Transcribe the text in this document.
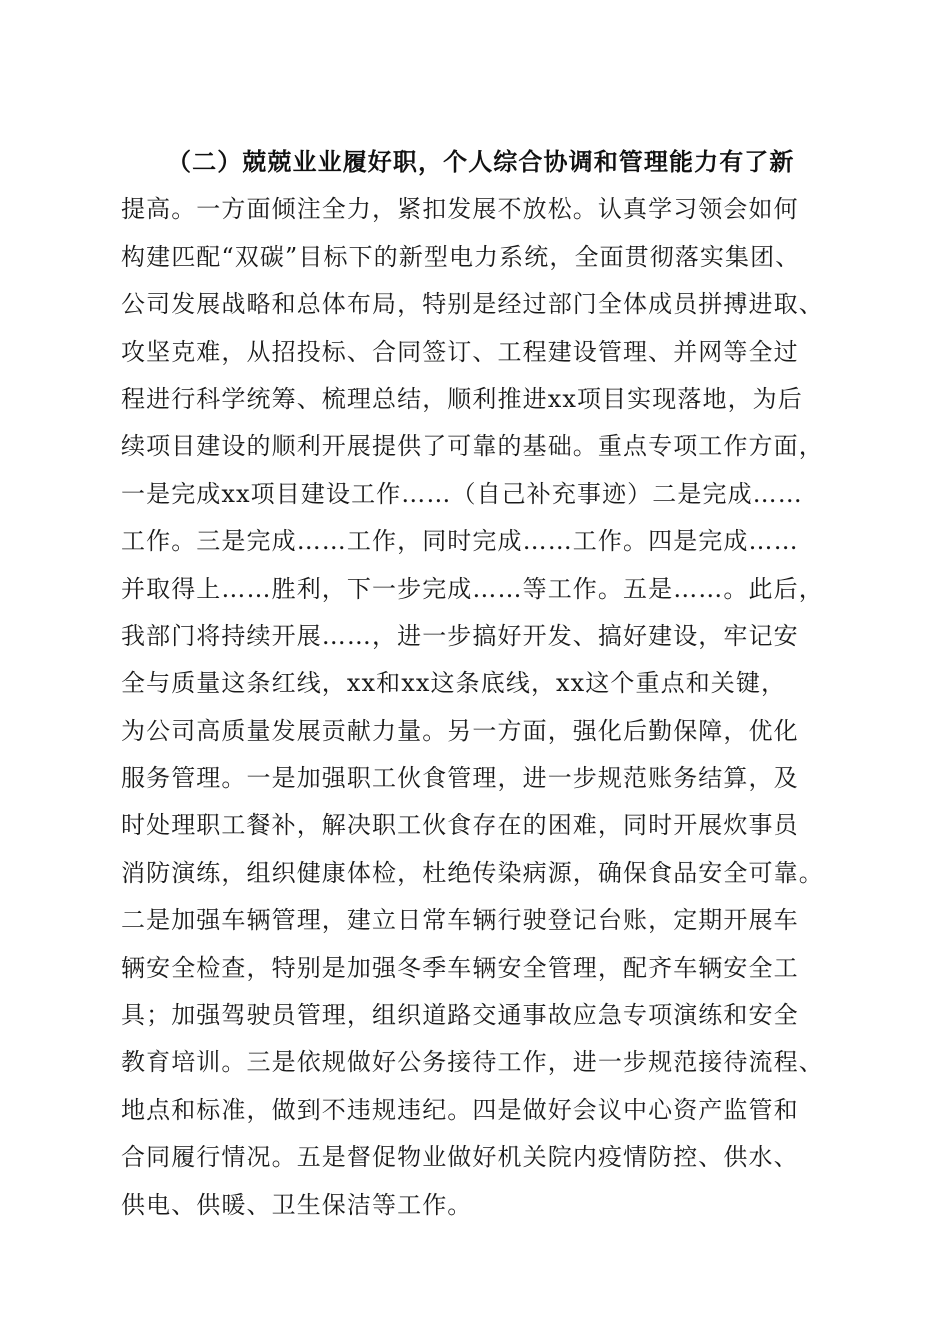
（二）兢兢业业履好职，个人综合协调和管理能力有了新
提高。一方面倾注全力，紧扣发展不放松。认真学习领会如何
构建匹配“双碳”目标下的新型电力系统，全面贯彻落实集团、
公司发展战略和总体布局，特别是经过部门全体成员拼搏进取、
攻坚克难，从招投标、合同签订、工程建设管理、并网等全过
程进行科学统筹、梳理总结，顺利推进xx项目实现落地，为后
续项目建设的顺利开展提供了可靠的基础。重点专项工作方面，
一是完成xx项目建设工作……（自己补充事迹）二是完成……
工作。三是完成……工作，同时完成……工作。四是完成……
并取得上……胜利，下一步完成……等工作。五是……。此后，
我部门将持续开展……，进一步搞好开发、搞好建设，牢记安
全与质量这条红线，xx和xx这条底线，xx这个重点和关键，
为公司高质量发展贡献力量。另一方面，强化后勤保障，优化
服务管理。一是加强职工伙食管理，进一步规范账务结算，及
时处理职工餐补，解决职工伙食存在的困难，同时开展炊事员
消防演练，组织健康体检，杜绝传染病源，确保食品安全可靠。
二是加强车辆管理，建立日常车辆行驶登记台账，定期开展车
辆安全检查，特别是加强冬季车辆安全管理，配齐车辆安全工
具；加强驾驶员管理，组织道路交通事故应急专项演练和安全
教育培训。三是依规做好公务接待工作，进一步规范接待流程、
地点和标准，做到不违规违纪。四是做好会议中心资产监管和
合同履行情况。五是督促物业做好机关院内疫情防控、供水、
供电、供暖、卫生保洁等工作。
